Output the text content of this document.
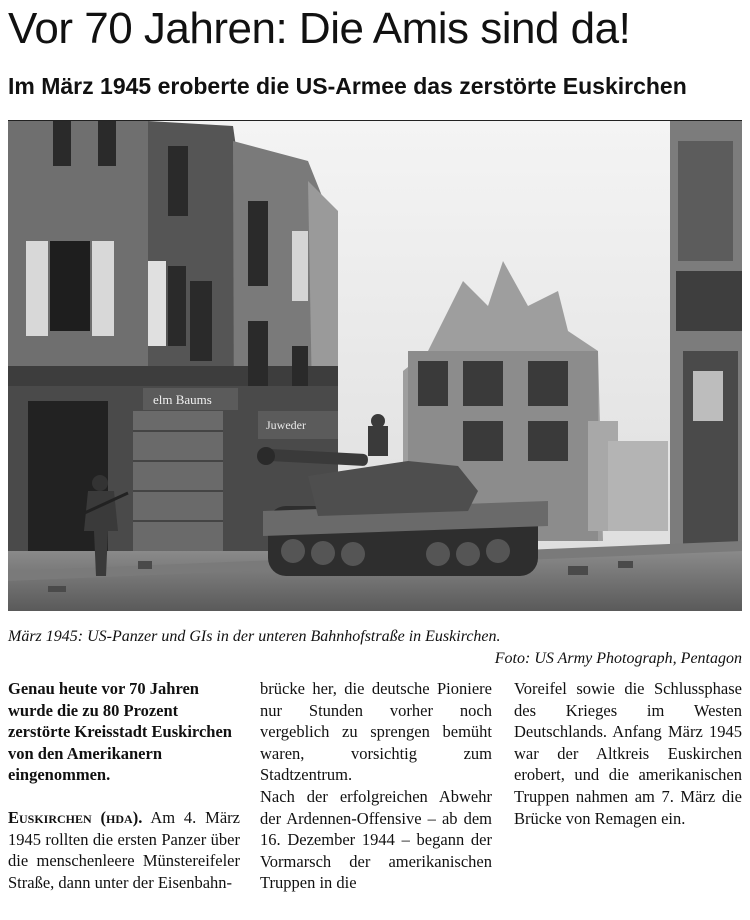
Vor 70 Jahren: Die Amis sind da!
Im März 1945 eroberte die US-Armee das zerstörte Euskirchen
elm Baums
Juweder
März 1945: US-Panzer und GIs in der unteren Bahnhofstraße in Euskirchen.
Foto: US Army Photograph, Pentagon

Genau heute vor 70 Jahren wurde die zu 80 Prozent zerstörte Kreisstadt Euskirchen von den Amerikanern eingenommen.

Euskirchen (hda). Am 4. März 1945 rollten die ersten Panzer über die menschenleere Münstereifeler Straße, dann unter der Eisenbahn-

brücke her, die deutsche Pioniere nur Stunden vorher noch vergeblich zu sprengen bemüht waren, vorsichtig zum Stadtzentrum.

Nach der erfolgreichen Abwehr der Ardennen-Offensive – ab dem 16. Dezember 1944 – begann der Vormarsch der amerikanischen Truppen in die

Voreifel sowie die Schlussphase des Krieges im Westen Deutschlands. Anfang März 1945 war der Altkreis Euskirchen erobert, und die amerikanischen Truppen nahmen am 7. März die Brücke von Remagen ein.
